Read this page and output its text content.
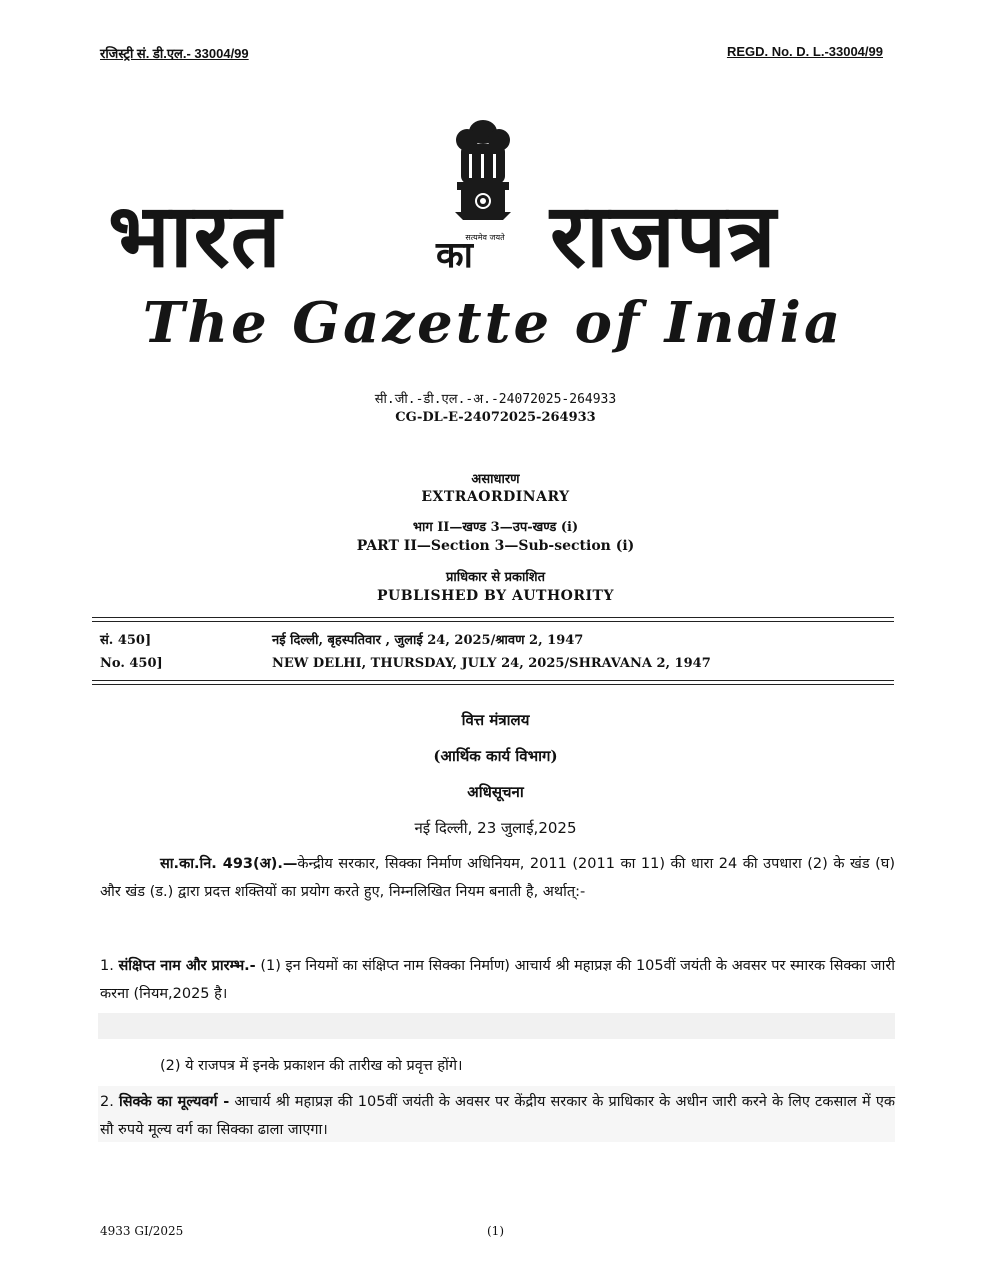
रजिस्ट्री सं. डी.एल.- 33004/99	REGD. No. D. L.-33004/99
सत्यमेव जयते
भारत	का राजपत्र
The Gazette of India
सी.जी.-डी.एल.-अ.-24072025-264933
CG-DL-E-24072025-264933
असाधारण
EXTRAORDINARY
भाग II—खण्ड 3—उप-खण्ड (i)
PART II—Section 3—Sub-section (i)
प्राधिकार से प्रकाशित
PUBLISHED BY AUTHORITY
सं. 450]	नई दिल्ली, बृहस्पतिवार , जुलाई 24, 2025/श्रावण 2, 1947
No. 450]	NEW DELHI, THURSDAY, JULY 24, 2025/SHRAVANA 2, 1947
वित्त मंत्रालय
(आर्थिक कार्य विभाग)
अधिसूचना
नई दिल्ली, 23 जुलाई,2025
सा.का.नि. 493(अ).—केन्द्रीय सरकार, सिक्का निर्माण अधिनियम, 2011 (2011 का 11) की धारा 24 की उपधारा (2) के खंड (घ) और खंड (ड.) द्वारा प्रदत्त शक्तियों का प्रयोग करते हुए, निम्नलिखित नियम बनाती है, अर्थात्:-
1. संक्षिप्त नाम और प्रारम्भ.- (1) इन नियमों का संक्षिप्त नाम सिक्का निर्माण) आचार्य श्री महाप्रज्ञ की 105वीं जयंती के अवसर पर स्मारक सिक्का जारी करना (नियम,2025 है।
(2) ये राजपत्र में इनके प्रकाशन की तारीख को प्रवृत्त होंगे।
2. सिक्के का मूल्यवर्ग - आचार्य श्री महाप्रज्ञ की 105वीं जयंती के अवसर पर केंद्रीय सरकार के प्राधिकार के अधीन जारी करने के लिए टकसाल में एक सौ रुपये मूल्य वर्ग का सिक्का ढाला जाएगा।
4933 GI/2025	(1)
